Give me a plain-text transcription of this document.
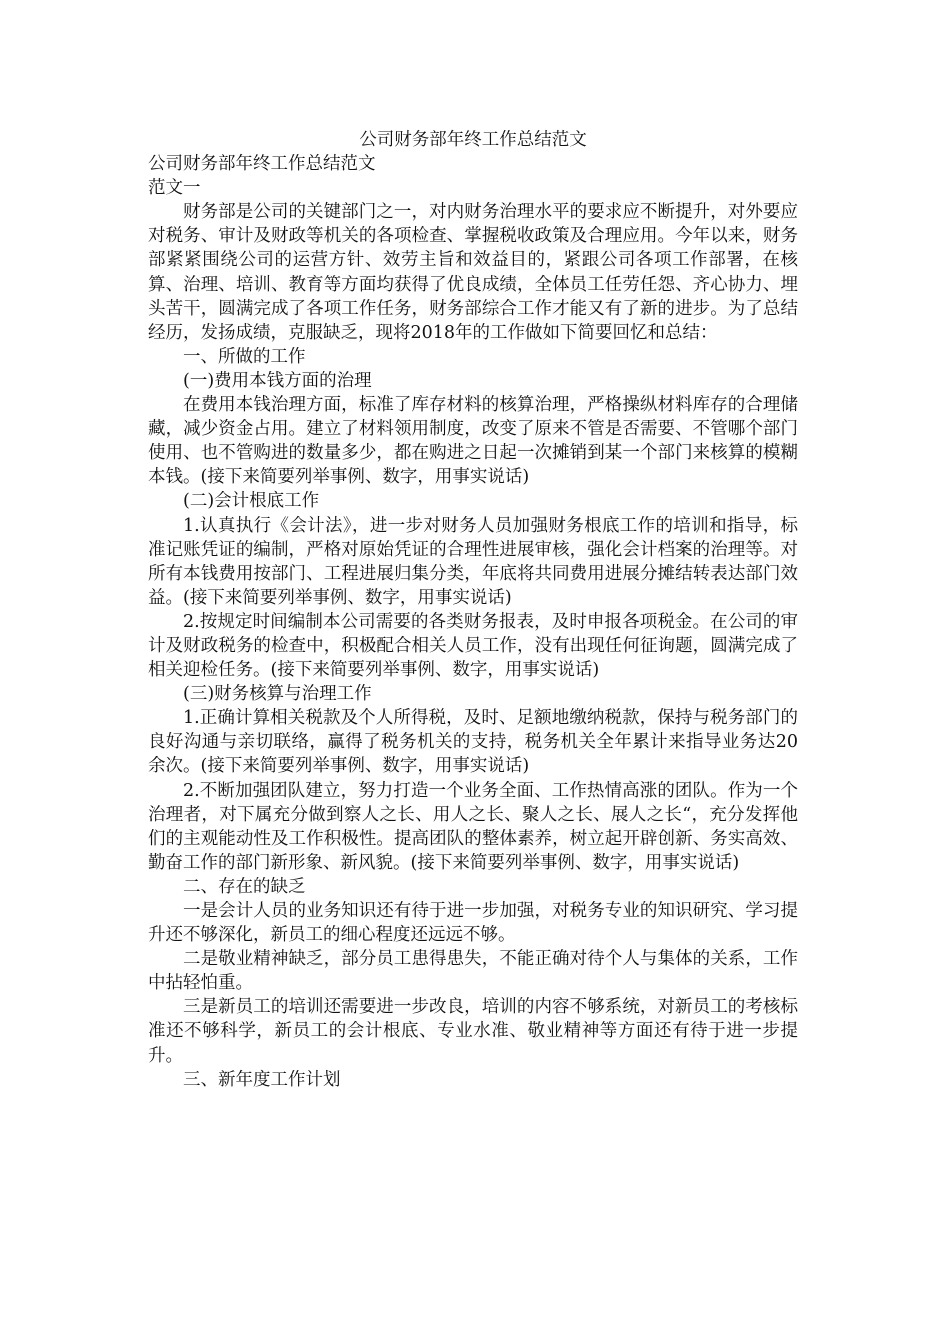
公司财务部年终工作总结范文

公司财务部年终工作总结范文

范文一

财务部是公司的关键部门之一，对内财务治理水平的要求应不断提升，对外要应对税务、审计及财政等机关的各项检查、掌握税收政策及合理应用。今年以来，财务部紧紧围绕公司的运营方针、效劳主旨和效益目的，紧跟公司各项工作部署，在核算、治理、培训、教育等方面均获得了优良成绩，全体员工任劳任怨、齐心协力、埋头苦干，圆满完成了各项工作任务，财务部综合工作才能又有了新的进步。为了总结经历，发扬成绩，克服缺乏，现将2018年的工作做如下简要回忆和总结：

一、所做的工作

(一)费用本钱方面的治理

在费用本钱治理方面，标准了库存材料的核算治理，严格操纵材料库存的合理储藏，减少资金占用。建立了材料领用制度，改变了原来不管是否需要、不管哪个部门使用、也不管购进的数量多少，都在购进之日起一次摊销到某一个部门来核算的模糊本钱。(接下来简要列举事例、数字，用事实说话)

(二)会计根底工作

1.认真执行《会计法》，进一步对财务人员加强财务根底工作的培训和指导，标准记账凭证的编制，严格对原始凭证的合理性进展审核，强化会计档案的治理等。对所有本钱费用按部门、工程进展归集分类，年底将共同费用进展分摊结转表达部门效益。(接下来简要列举事例、数字，用事实说话)

2.按规定时间编制本公司需要的各类财务报表，及时申报各项税金。在公司的审计及财政税务的检查中，积极配合相关人员工作，没有出现任何征询题，圆满完成了相关迎检任务。(接下来简要列举事例、数字，用事实说话)

(三)财务核算与治理工作

1.正确计算相关税款及个人所得税，及时、足额地缴纳税款，保持与税务部门的良好沟通与亲切联络，赢得了税务机关的支持，税务机关全年累计来指导业务达20余次。(接下来简要列举事例、数字，用事实说话)

2.不断加强团队建立，努力打造一个业务全面、工作热情高涨的团队。作为一个治理者，对下属充分做到察人之长、用人之长、聚人之长、展人之长“，充分发挥他们的主观能动性及工作积极性。提高团队的整体素养，树立起开辟创新、务实高效、勤奋工作的部门新形象、新风貌。(接下来简要列举事例、数字，用事实说话)

二、存在的缺乏

一是会计人员的业务知识还有待于进一步加强，对税务专业的知识研究、学习提升还不够深化，新员工的细心程度还远远不够。

二是敬业精神缺乏，部分员工患得患失，不能正确对待个人与集体的关系，工作中拈轻怕重。

三是新员工的培训还需要进一步改良，培训的内容不够系统，对新员工的考核标准还不够科学，新员工的会计根底、专业水准、敬业精神等方面还有待于进一步提升。

三、新年度工作计划
